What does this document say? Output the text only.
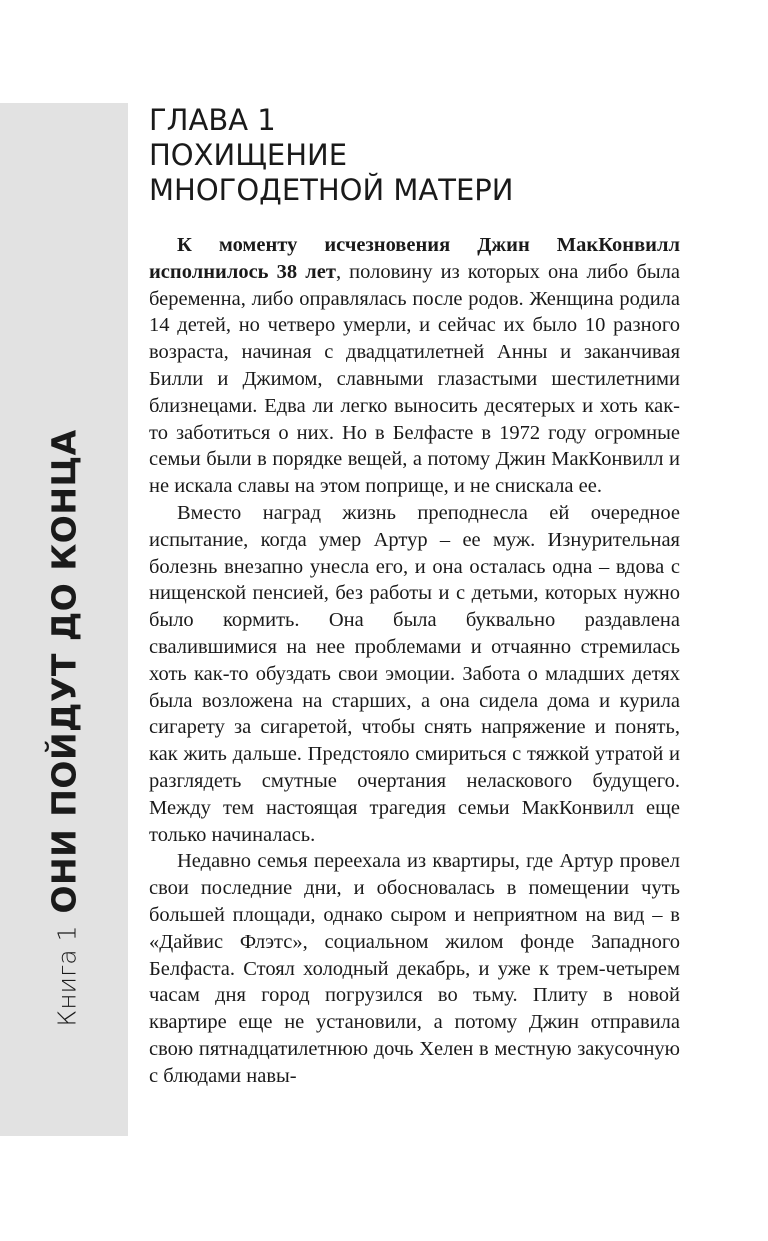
Книга 1ОНИ ПОЙДУТ ДО КОНЦА
ГЛАВА 1
ПОХИЩЕНИЕ
МНОГОДЕТНОЙ МАТЕРИ

К моменту исчезновения Джин МакКонвилл исполнилось 38 лет, половину из которых она либо была беременна, либо оправлялась после родов. Женщина родила 14 детей, но четверо умерли, и сейчас их было 10 разного возраста, начиная с двадцатилетней Анны и заканчивая Билли и Джимом, славными глазастыми шестилетними близнецами. Едва ли легко выносить десятерых и хоть как-то заботиться о них. Но в Белфасте в 1972 году огромные семьи были в порядке вещей, а потому Джин МакКонвилл и не искала славы на этом поприще, и не снискала ее.

Вместо наград жизнь преподнесла ей очередное испытание, когда умер Артур – ее муж. Изнурительная болезнь внезапно унесла его, и она осталась одна – вдова с нищенской пенсией, без работы и с детьми, которых нужно было кормить. Она была буквально раздавлена свалившимися на нее проблемами и отчаянно стремилась хоть как-то обуздать свои эмоции. Забота о младших детях была возложена на старших, а она сидела дома и курила сигарету за сигаретой, чтобы снять напряжение и понять, как жить дальше. Предстояло смириться с тяжкой утратой и разглядеть смутные очертания неласкового будущего. Между тем настоящая трагедия семьи МакКонвилл еще только начиналась.

Недавно семья переехала из квартиры, где Артур провел свои последние дни, и обосновалась в помещении чуть большей площади, однако сыром и неприятном на вид – в «Дайвис Флэтс», социальном жилом фонде Западного Белфаста. Стоял холодный декабрь, и уже к трем-четырем часам дня город погрузился во тьму. Плиту в новой квартире еще не установили, а потому Джин отправила свою пятнадцатилетнюю дочь Хелен в местную закусочную с блюдами навы-
